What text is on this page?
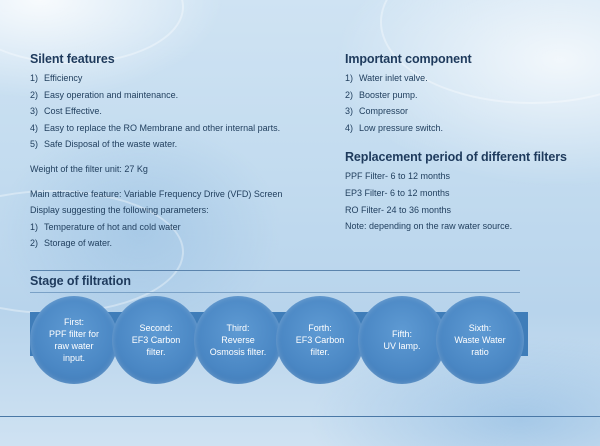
Silent features
1) Efficiency
2) Easy operation and maintenance.
3) Cost Effective.
4) Easy to replace the RO Membrane and other internal parts.
5) Safe Disposal of the waste water.
Weight of the filter unit: 27 Kg
Main attractive feature: Variable Frequency Drive (VFD) Screen
Display suggesting the following parameters:
1) Temperature of hot and cold water
2) Storage of water.
Important component
1) Water inlet valve.
2) Booster pump.
3) Compressor
4) Low pressure switch.
Replacement period of different filters
PPF Filter- 6 to 12 months
EP3 Filter- 6 to 12 months
RO Filter- 24 to 36 months
Note: depending on the raw water source.
Stage of filtration
First:
PPF filter for
raw water
input.
Second:
EF3 Carbon
filter.
Third:
Reverse
Osmosis filter.
Forth:
EF3 Carbon
filter.
Fifth:
UV lamp.
Sixth:
Waste Water
ratio
